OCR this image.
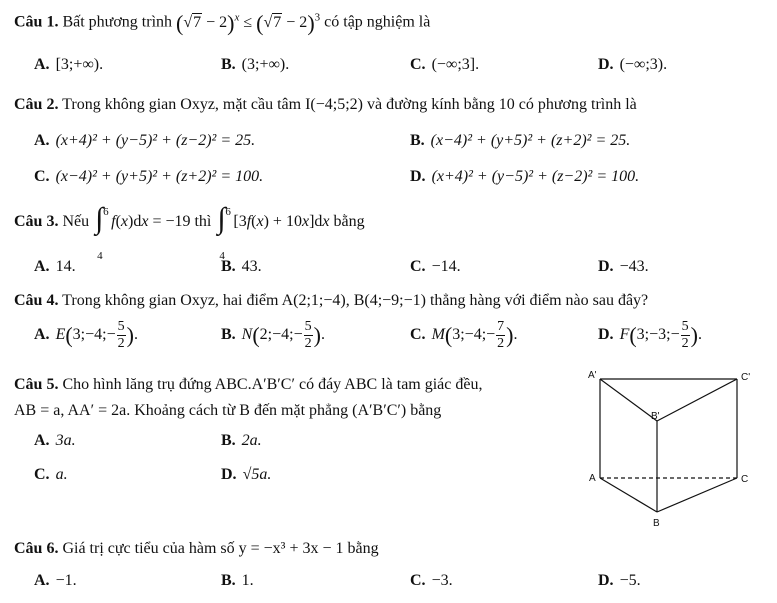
Câu 1. Bất phương trình $(√7 - 2)^x \le (√7 - 2)^3$ có tập nghiệm là
A. [3;+∞).	B. (3;+∞).	C. (−∞;3].	D. (−∞;3).
Câu 2. Trong không gian Oxyz, mặt cầu tâm I(−4;5;2) và đường kính bằng 10 có phương trình là
A. (x+4)² + (y−5)² + (z−2)² = 25.	B. (x−4)² + (y+5)² + (z+2)² = 25.
C. (x−4)² + (y+5)² + (z+2)² = 100.	D. (x+4)² + (y−5)² + (z−2)² = 100.
Câu 3. Nếu ∫ 6
4
f(x)dx = −19 thì ∫ 6
4
[3f(x) + 10x]dx bằng
A. 14.	B. 43.	C. −14.	D. −43.
Câu 4. Trong không gian Oxyz, hai điểm A(2;1;−4), B(4;−9;−1) thẳng hàng với điểm nào sau đây?
A. E(3;−4;− $\frac{5}{2}$ ).	B. N(2;−4;− $\frac{5}{2}$ ).	C. M(3;−4;− $\frac{7}{2}$ ).	D. F(3;−3;− $\frac{5}{2}$ ).
Câu 5. Cho hình lăng trụ đứng ABC.A′B′C′ có đáy ABC là tam giác đều,
AB = a, AA′ = 2a. Khoảng cách từ B đến mặt phẳng (A′B′C′) bằng
A. 3a.	B. 2a.
C. a.	D. √5a.
A'	C'
B'
A	C
B
Câu 6. Giá trị cực tiểu của hàm số y = −x³ + 3x − 1 bằng
A. −1.	B. 1.	C. −3.	D. −5.
